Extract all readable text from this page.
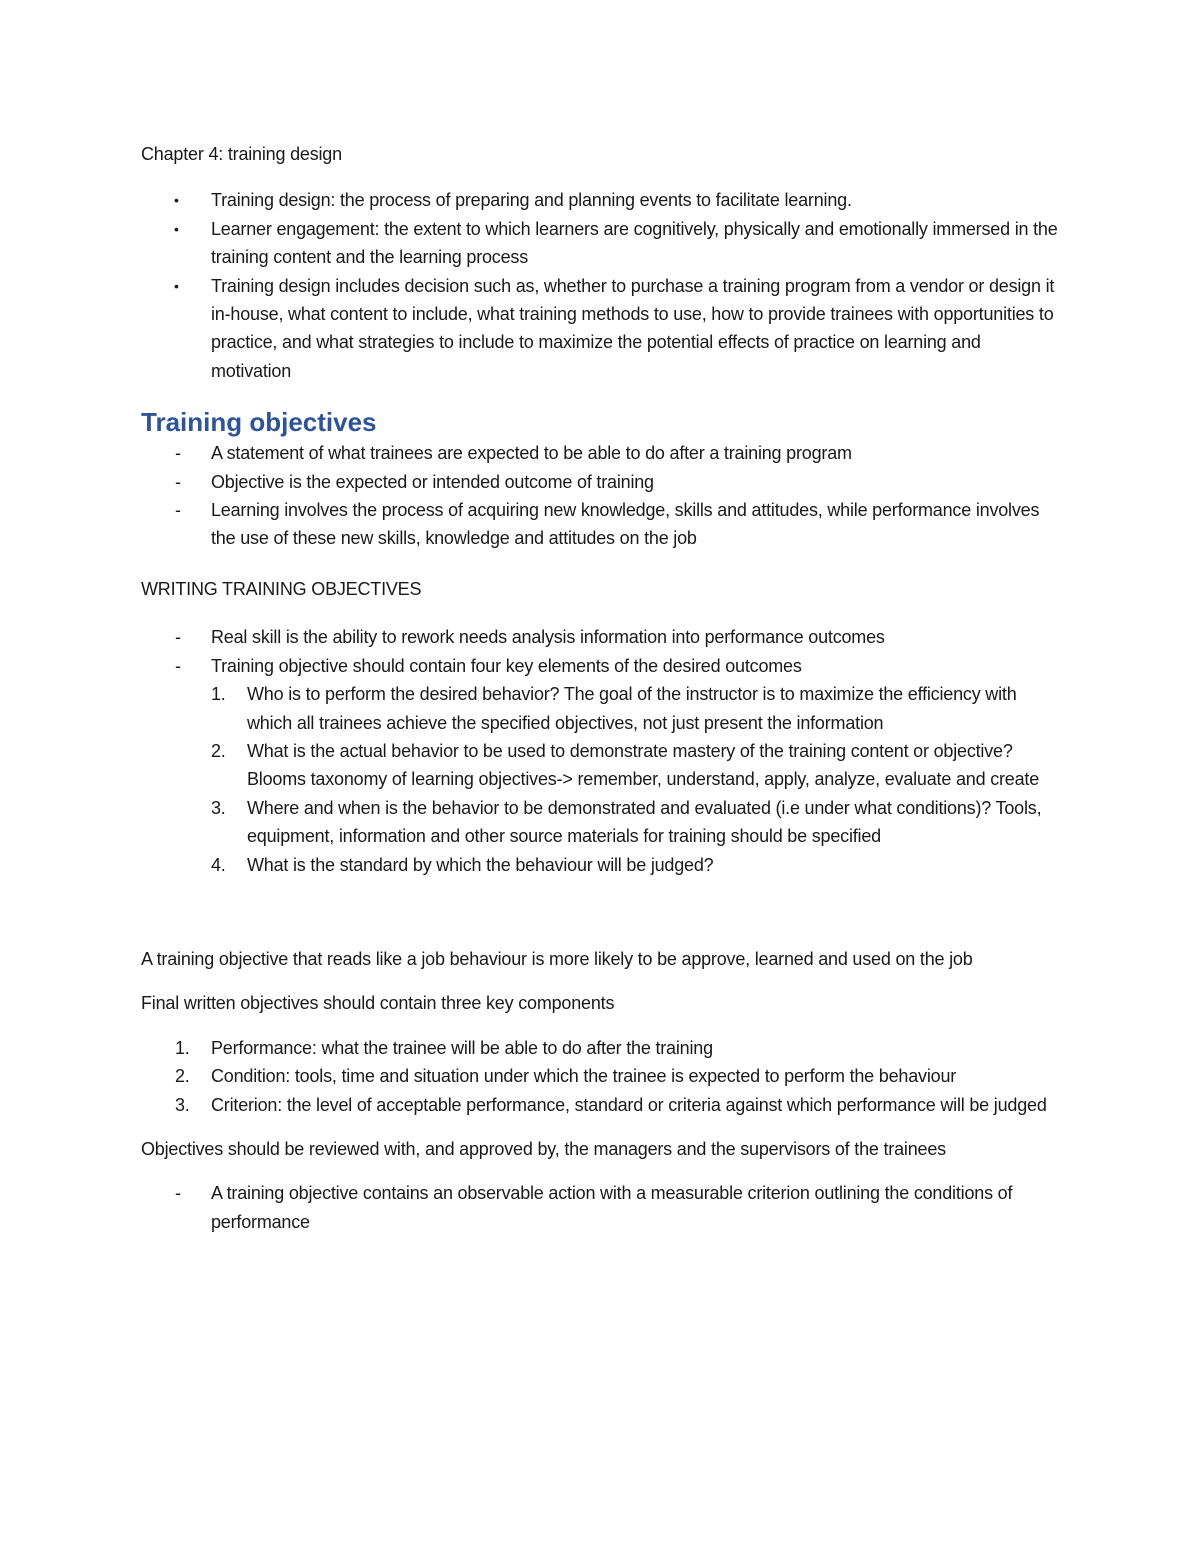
Chapter 4: training design

• Training design: the process of preparing and planning events to facilitate learning.
• Learner engagement: the extent to which learners are cognitively, physically and emotionally immersed in the training content and the learning process
• Training design includes decision such as, whether to purchase a training program from a vendor or design it in-house, what content to include, what training methods to use, how to provide trainees with opportunities to practice, and what strategies to include to maximize the potential effects of practice on learning and motivation
Training objectives
- A statement of what trainees are expected to be able to do after a training program
- Objective is the expected or intended outcome of training
- Learning involves the process of acquiring new knowledge, skills and attitudes, while performance involves the use of these new skills, knowledge and attitudes on the job

WRITING TRAINING OBJECTIVES

- Real skill is the ability to rework needs analysis information into performance outcomes
- Training objective should contain four key elements of the desired outcomes
1. Who is to perform the desired behavior? The goal of the instructor is to maximize the efficiency with which all trainees achieve the specified objectives, not just present the information
2. What is the actual behavior to be used to demonstrate mastery of the training content or objective? Blooms taxonomy of learning objectives-> remember, understand, apply, analyze, evaluate and create
3. Where and when is the behavior to be demonstrated and evaluated (i.e under what conditions)? Tools, equipment, information and other source materials for training should be specified
4. What is the standard by which the behaviour will be judged?

A training objective that reads like a job behaviour is more likely to be approve, learned and used on the job

Final written objectives should contain three key components

1. Performance: what the trainee will be able to do after the training
2. Condition: tools, time and situation under which the trainee is expected to perform the behaviour
3. Criterion: the level of acceptable performance, standard or criteria against which performance will be judged

Objectives should be reviewed with, and approved by, the managers and the supervisors of the trainees

- A training objective contains an observable action with a measurable criterion outlining the conditions of performance
